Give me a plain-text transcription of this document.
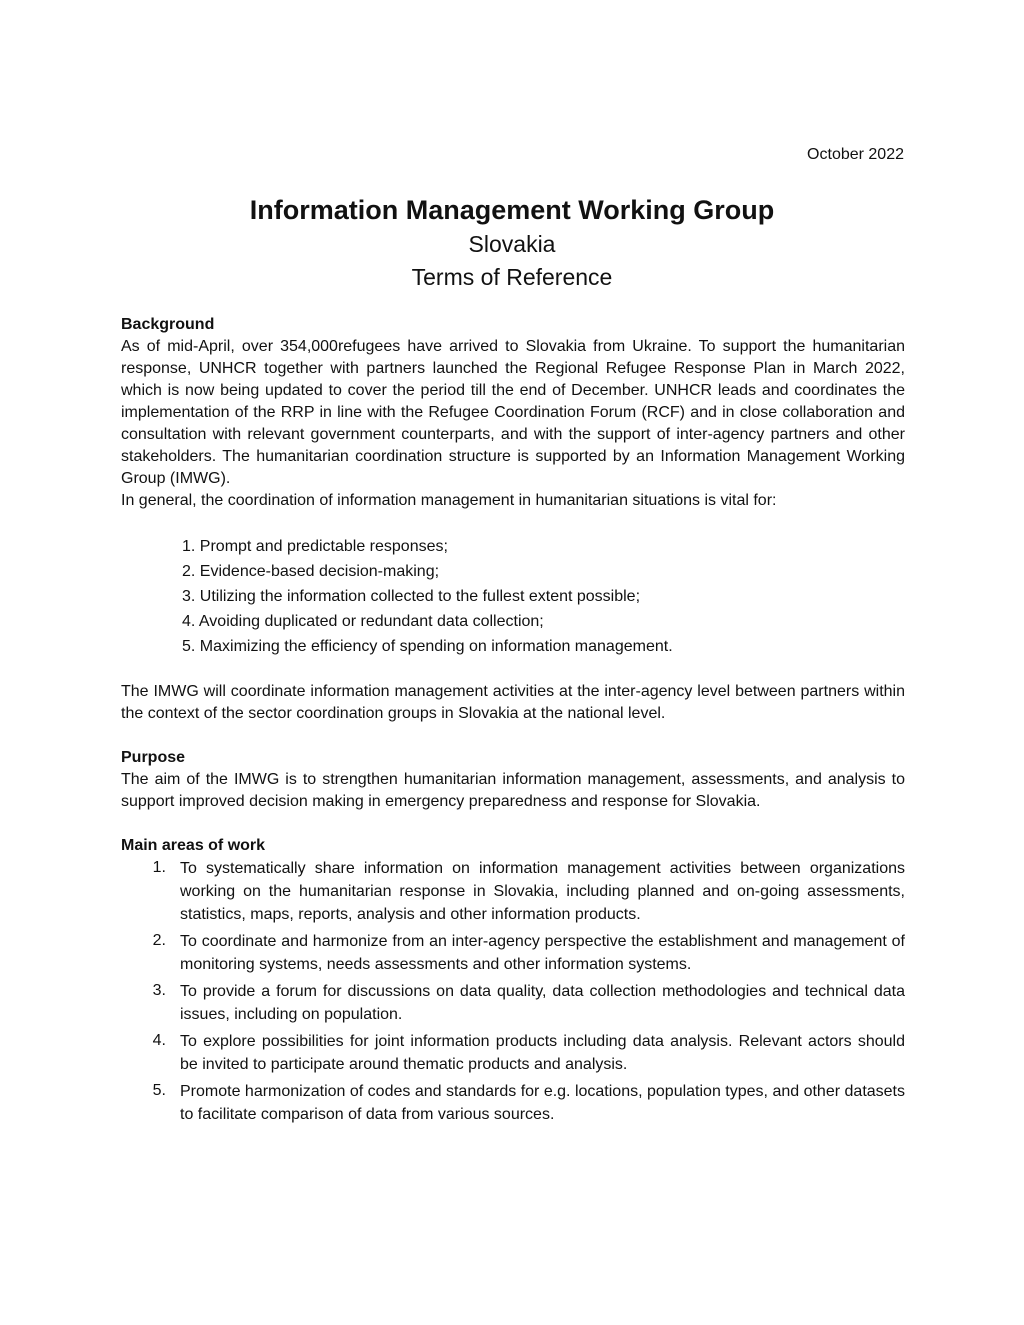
October 2022
Information Management Working Group
Slovakia
Terms of Reference
Background

As of mid-April, over 354,000refugees have arrived to Slovakia from Ukraine. To support the humanitarian response, UNHCR together with partners launched the Regional Refugee Response Plan in March 2022, which is now being updated to cover the period till the end of December. UNHCR leads and coordinates the implementation of the RRP in line with the Refugee Coordination Forum (RCF) and in close collaboration and consultation with relevant government counterparts, and with the support of inter-agency partners and other stakeholders. The humanitarian coordination structure is supported by an Information Management Working Group (IMWG).

In general, the coordination of information management in humanitarian situations is vital for:

1. Prompt and predictable responses;
2. Evidence-based decision-making;
3. Utilizing the information collected to the fullest extent possible;
4. Avoiding duplicated or redundant data collection;
5. Maximizing the efficiency of spending on information management.

The IMWG will coordinate information management activities at the inter-agency level between partners within the context of the sector coordination groups in Slovakia at the national level.

Purpose

The aim of the IMWG is to strengthen humanitarian information management, assessments, and analysis to support improved decision making in emergency preparedness and response for Slovakia.

Main areas of work
1. To systematically share information on information management activities between organizations working on the humanitarian response in Slovakia, including planned and on-going assessments, statistics, maps, reports, analysis and other information products.
2. To coordinate and harmonize from an inter-agency perspective the establishment and management of monitoring systems, needs assessments and other information systems.
3. To provide a forum for discussions on data quality, data collection methodologies and technical data issues, including on population.
4. To explore possibilities for joint information products including data analysis. Relevant actors should be invited to participate around thematic products and analysis.
5. Promote harmonization of codes and standards for e.g. locations, population types, and other datasets to facilitate comparison of data from various sources.
